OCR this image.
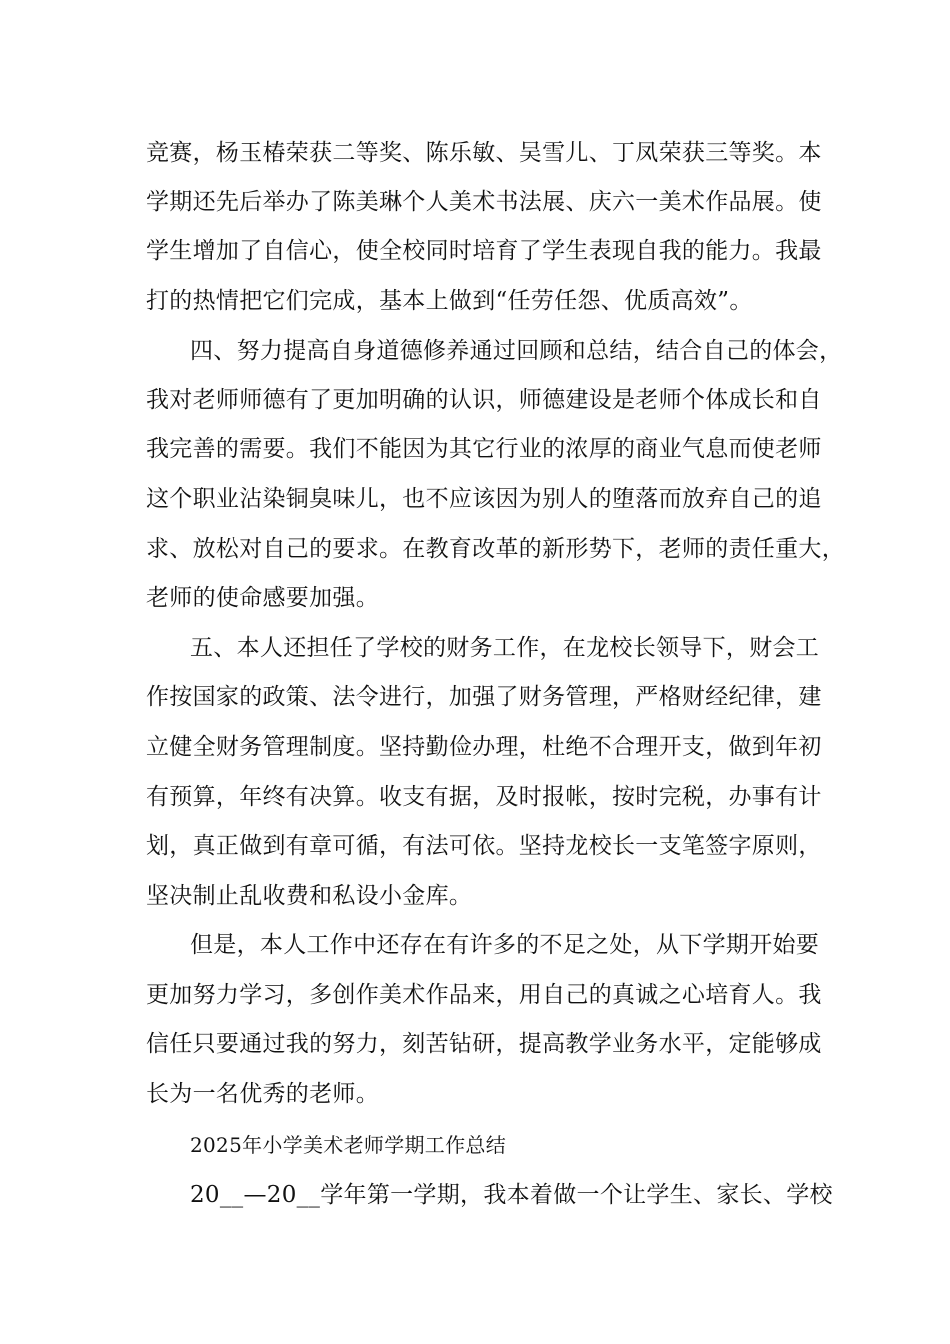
竞赛，杨玉椿荣获二等奖、陈乐敏、吴雪儿、丁凤荣获三等奖。本
学期还先后举办了陈美琳个人美术书法展、庆六一美术作品展。使
学生增加了自信心，使全校同时培育了学生表现自我的能力。我最
打的热情把它们完成，基本上做到“任劳任怨、优质高效”。
四、努力提高自身道德修养通过回顾和总结，结合自己的体会，
我对老师师德有了更加明确的认识，师德建设是老师个体成长和自
我完善的需要。我们不能因为其它行业的浓厚的商业气息而使老师
这个职业沾染铜臭味儿，也不应该因为别人的堕落而放弃自己的追
求、放松对自己的要求。在教育改革的新形势下，老师的责任重大，
老师的使命感要加强。
五、本人还担任了学校的财务工作，在龙校长领导下，财会工
作按国家的政策、法令进行，加强了财务管理，严格财经纪律，建
立健全财务管理制度。坚持勤俭办理，杜绝不合理开支，做到年初
有预算，年终有决算。收支有据，及时报帐，按时完税，办事有计
划，真正做到有章可循，有法可依。坚持龙校长一支笔签字原则，
坚决制止乱收费和私设小金库。
但是，本人工作中还存在有许多的不足之处，从下学期开始要
更加努力学习，多创作美术作品来，用自己的真诚之心培育人。我
信任只要通过我的努力，刻苦钻研，提高教学业务水平，定能够成
长为一名优秀的老师。
2025年小学美术老师学期工作总结
20__—20__学年第一学期，我本着做一个让学生、家长、学校
